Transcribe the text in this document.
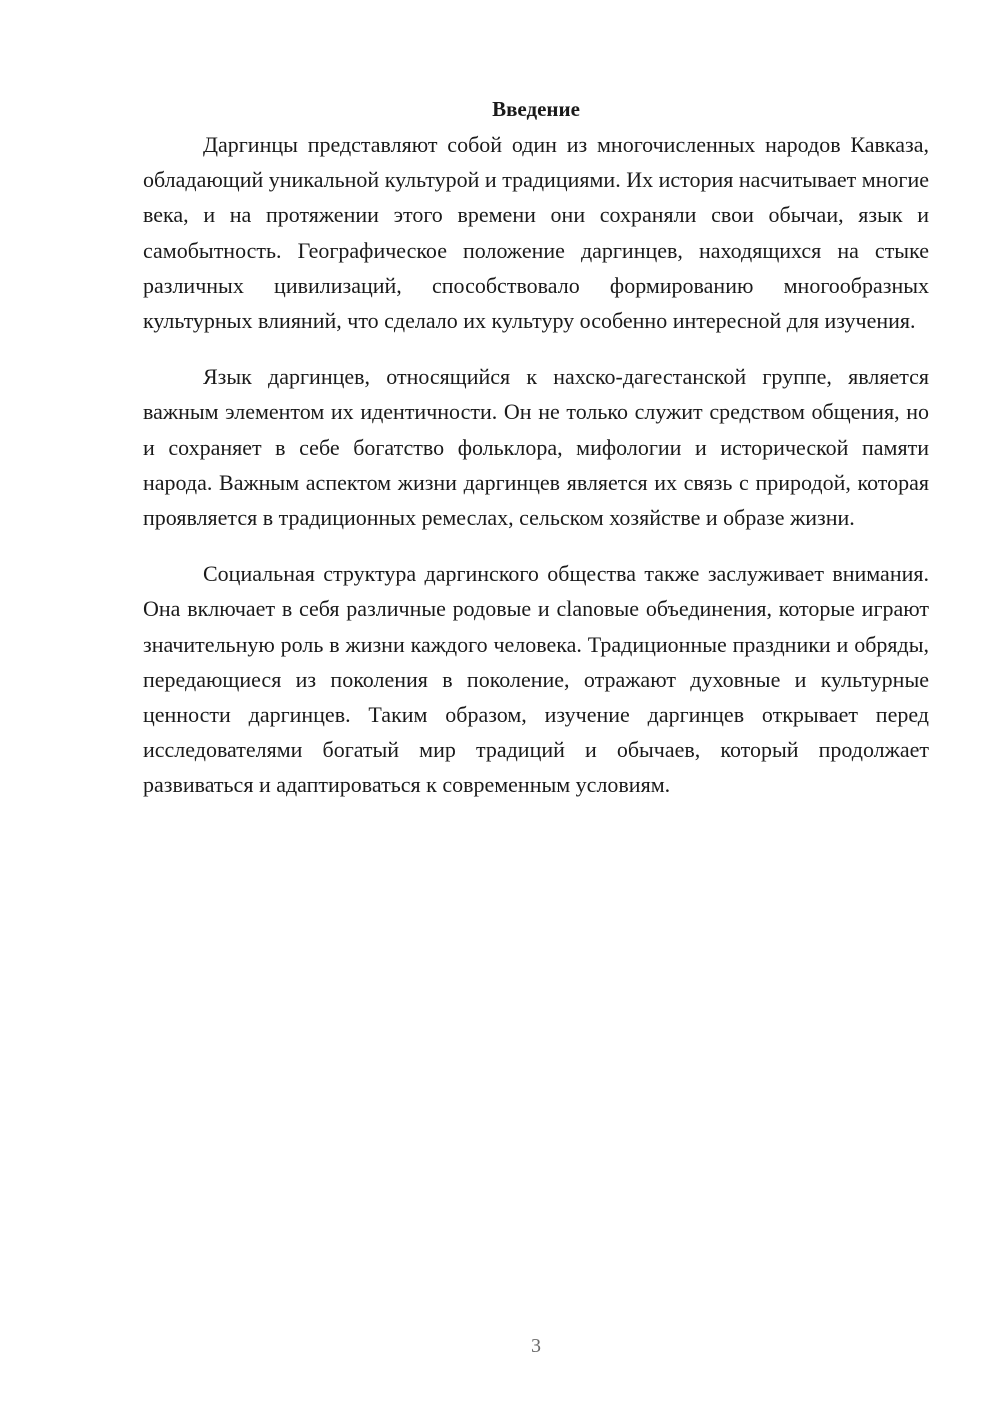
Введение

Даргинцы представляют собой один из многочисленных народов Кавказа, обладающий уникальной культурой и традициями. Их история насчитывает многие века, и на протяжении этого времени они сохраняли свои обычаи, язык и самобытность. Географическое положение даргинцев, находящихся на стыке различных цивилизаций, способствовало формированию многообразных культурных влияний, что сделало их культуру особенно интересной для изучения.

Язык даргинцев, относящийся к нахско-дагестанской группе, является важным элементом их идентичности. Он не только служит средством общения, но и сохраняет в себе богатство фольклора, мифологии и исторической памяти народа. Важным аспектом жизни даргинцев является их связь с природой, которая проявляется в традиционных ремеслах, сельском хозяйстве и образе жизни.

Социальная структура даргинского общества также заслуживает внимания. Она включает в себя различные родовые и clanовые объединения, которые играют значительную роль в жизни каждого человека. Традиционные праздники и обряды, передающиеся из поколения в поколение, отражают духовные и культурные ценности даргинцев. Таким образом, изучение даргинцев открывает перед исследователями богатый мир традиций и обычаев, который продолжает развиваться и адаптироваться к современным условиям.

3
